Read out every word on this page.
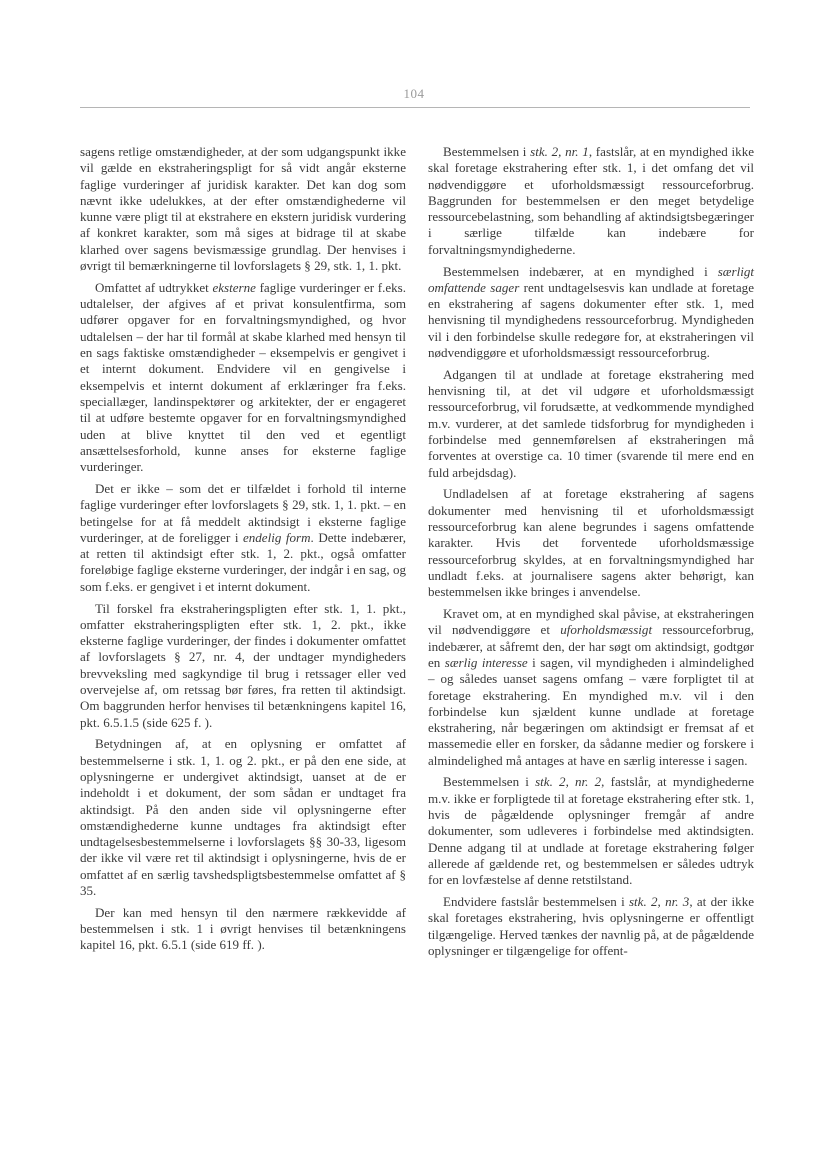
104

sagens retlige omstændigheder, at der som udgangspunkt ikke vil gælde en ekstraheringspligt for så vidt angår eksterne faglige vurderinger af juridisk karakter. Det kan dog som nævnt ikke udelukkes, at der efter omstændighederne vil kunne være pligt til at ekstrahere en ekstern juridisk vurdering af konkret karakter, som må siges at bidrage til at skabe klarhed over sagens bevismæssige grundlag. Der henvises i øvrigt til bemærkningerne til lovforslagets § 29, stk. 1, 1. pkt.

Omfattet af udtrykket eksterne faglige vurderinger er f.eks. udtalelser, der afgives af et privat konsulentfirma, som udfører opgaver for en forvaltningsmyndighed, og hvor udtalelsen – der har til formål at skabe klarhed med hensyn til en sags faktiske omstændigheder – eksempelvis er gengivet i et internt dokument. Endvidere vil en gengivelse i eksempelvis et internt dokument af erklæringer fra f.eks. speciallæger, landinspektører og arkitekter, der er engageret til at udføre bestemte opgaver for en forvaltningsmyndighed uden at blive knyttet til den ved et egentligt ansættelsesforhold, kunne anses for eksterne faglige vurderinger.

Det er ikke – som det er tilfældet i forhold til interne faglige vurderinger efter lovforslagets § 29, stk. 1, 1. pkt. – en betingelse for at få meddelt aktindsigt i eksterne faglige vurderinger, at de foreligger i endelig form. Dette indebærer, at retten til aktindsigt efter stk. 1, 2. pkt., også omfatter foreløbige faglige eksterne vurderinger, der indgår i en sag, og som f.eks. er gengivet i et internt dokument.

Til forskel fra ekstraheringspligten efter stk. 1, 1. pkt., omfatter ekstraheringspligten efter stk. 1, 2. pkt., ikke eksterne faglige vurderinger, der findes i dokumenter omfattet af lovforslagets § 27, nr. 4, der undtager myndigheders brevveksling med sagkyndige til brug i retssager eller ved overvejelse af, om retssag bør føres, fra retten til aktindsigt. Om baggrunden herfor henvises til betænkningens kapitel 16, pkt. 6.5.1.5 (side 625 f. ).

Betydningen af, at en oplysning er omfattet af bestemmelserne i stk. 1, 1. og 2. pkt., er på den ene side, at oplysningerne er undergivet aktindsigt, uanset at de er indeholdt i et dokument, der som sådan er undtaget fra aktindsigt. På den anden side vil oplysningerne efter omstændighederne kunne undtages fra aktindsigt efter undtagelsesbestemmelserne i lovforslagets §§ 30-33, ligesom der ikke vil være ret til aktindsigt i oplysningerne, hvis de er omfattet af en særlig tavshedspligtsbestemmelse omfattet af § 35.

Der kan med hensyn til den nærmere rækkevidde af bestemmelsen i stk. 1 i øvrigt henvises til betænkningens kapitel 16, pkt. 6.5.1 (side 619 ff. ).

Bestemmelsen i stk. 2, nr. 1, fastslår, at en myndighed ikke skal foretage ekstrahering efter stk. 1, i det omfang det vil nødvendiggøre et uforholdsmæssigt ressourceforbrug. Baggrunden for bestemmelsen er den meget betydelige ressourcebelastning, som behandling af aktindsigtsbegæringer i særlige tilfælde kan indebære for forvaltningsmyndighederne.

Bestemmelsen indebærer, at en myndighed i særligt omfattende sager rent undtagelsesvis kan undlade at foretage en ekstrahering af sagens dokumenter efter stk. 1, med henvisning til myndighedens ressourceforbrug. Myndigheden vil i den forbindelse skulle redegøre for, at ekstraheringen vil nødvendiggøre et uforholdsmæssigt ressourceforbrug.

Adgangen til at undlade at foretage ekstrahering med henvisning til, at det vil udgøre et uforholdsmæssigt ressourceforbrug, vil forudsætte, at vedkommende myndighed m.v. vurderer, at det samlede tidsforbrug for myndigheden i forbindelse med gennemførelsen af ekstraheringen må forventes at overstige ca. 10 timer (svarende til mere end en fuld arbejdsdag).

Undladelsen af at foretage ekstrahering af sagens dokumenter med henvisning til et uforholdsmæssigt ressourceforbrug kan alene begrundes i sagens omfattende karakter. Hvis det forventede uforholdsmæssige ressourceforbrug skyldes, at en forvaltningsmyndighed har undladt f.eks. at journalisere sagens akter behørigt, kan bestemmelsen ikke bringes i anvendelse.

Kravet om, at en myndighed skal påvise, at ekstraheringen vil nødvendiggøre et uforholdsmæssigt ressourceforbrug, indebærer, at såfremt den, der har søgt om aktindsigt, godtgør en særlig interesse i sagen, vil myndigheden i almindelighed – og således uanset sagens omfang – være forpligtet til at foretage ekstrahering. En myndighed m.v. vil i den forbindelse kun sjældent kunne undlade at foretage ekstrahering, når begæringen om aktindsigt er fremsat af et massemedie eller en forsker, da sådanne medier og forskere i almindelighed må antages at have en særlig interesse i sagen.

Bestemmelsen i stk. 2, nr. 2, fastslår, at myndighederne m.v. ikke er forpligtede til at foretage ekstrahering efter stk. 1, hvis de pågældende oplysninger fremgår af andre dokumenter, som udleveres i forbindelse med aktindsigten. Denne adgang til at undlade at foretage ekstrahering følger allerede af gældende ret, og bestemmelsen er således udtryk for en lovfæstelse af denne retstilstand.

Endvidere fastslår bestemmelsen i stk. 2, nr. 3, at der ikke skal foretages ekstrahering, hvis oplysningerne er offentligt tilgængelige. Herved tænkes der navnlig på, at de pågældende oplysninger er tilgængelige for offent-
